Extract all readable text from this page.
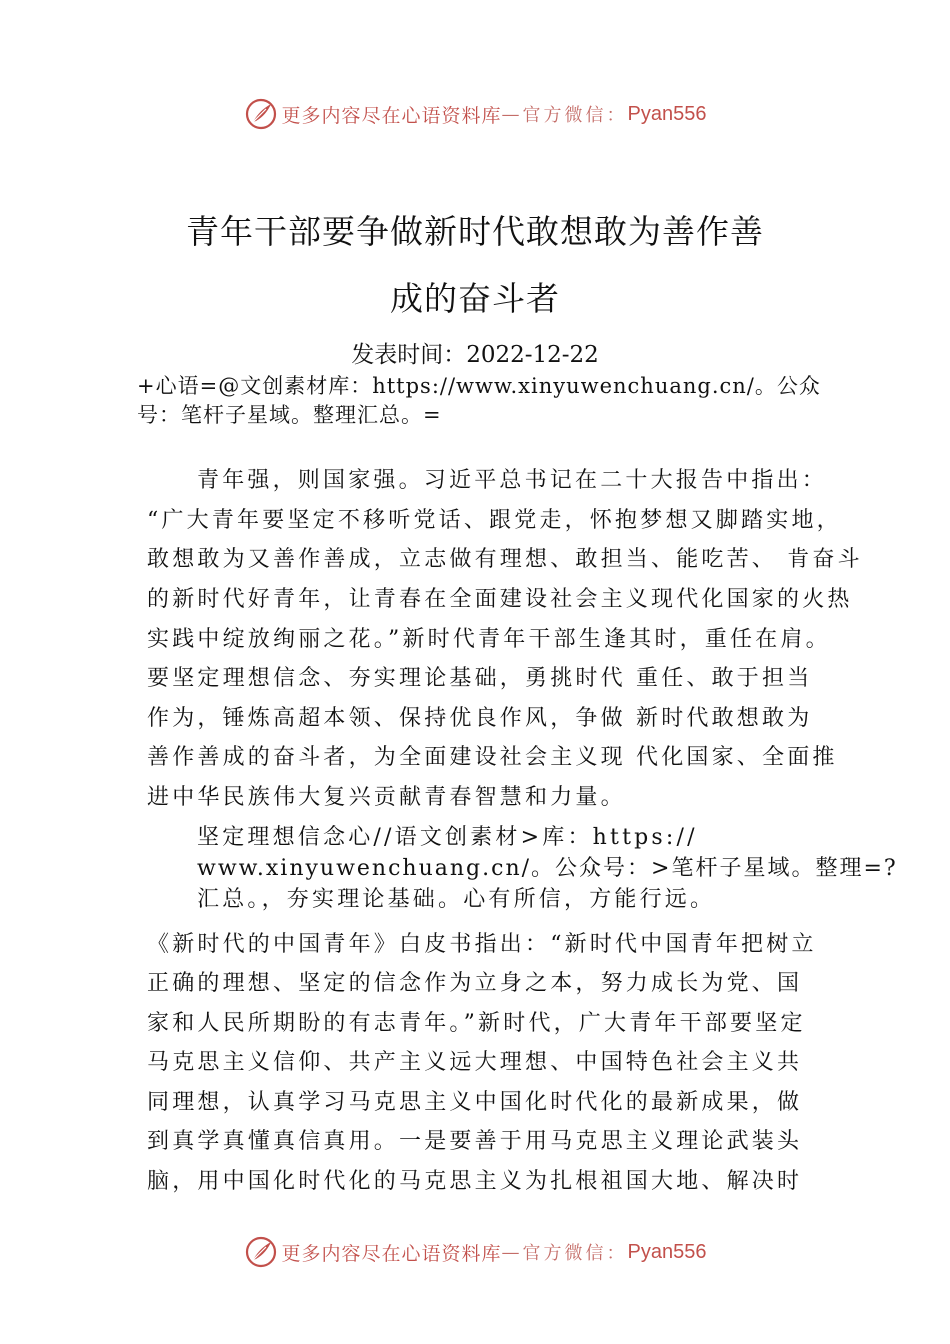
更多内容尽在心语资料库 — 官方微信： Pyan556
青年干部要争做新时代敢想敢为善作善
成的奋斗者
发表时间：2022-12-22
+心语=@文创素材库：https://www.xinyuwenchuang.cn/。公众
号：笔杆子星域。整理汇总。=
青年强，则国家强。习近平总书记在二十大报告中指出：
“广大青年要坚定不移听党话、跟党走，怀抱梦想又脚踏实地，
敢想敢为又善作善成，立志做有理想、敢担当、能吃苦、 肯奋斗
的新时代好青年，让青春在全面建设社会主义现代化国家的火热
实践中绽放绚丽之花。”新时代青年干部生逢其时，重任在肩。
要坚定理想信念、夯实理论基础，勇挑时代 重任、敢于担当
作为，锤炼高超本领、保持优良作风，争做 新时代敢想敢为
善作善成的奋斗者，为全面建设社会主义现 代化国家、全面推
进中华民族伟大复兴贡献青春智慧和力量。
坚定理想信念心//语文创素材>库：https://
www.xinyuwenchuang.cn/。公众号：>笔杆子星域。整理=?
汇总。，夯实理论基础。心有所信，方能行远。
《新时代的中国青年》白皮书指出：“新时代中国青年把树立
正确的理想、坚定的信念作为立身之本，努力成长为党、国
家和人民所期盼的有志青年。”新时代，广大青年干部要坚定
马克思主义信仰、共产主义远大理想、中国特色社会主义共
同理想，认真学习马克思主义中国化时代化的最新成果，做
到真学真懂真信真用。一是要善于用马克思主义理论武装头
脑，用中国化时代化的马克思主义为扎根祖国大地、解决时
更多内容尽在心语资料库 — 官方微信： Pyan556
